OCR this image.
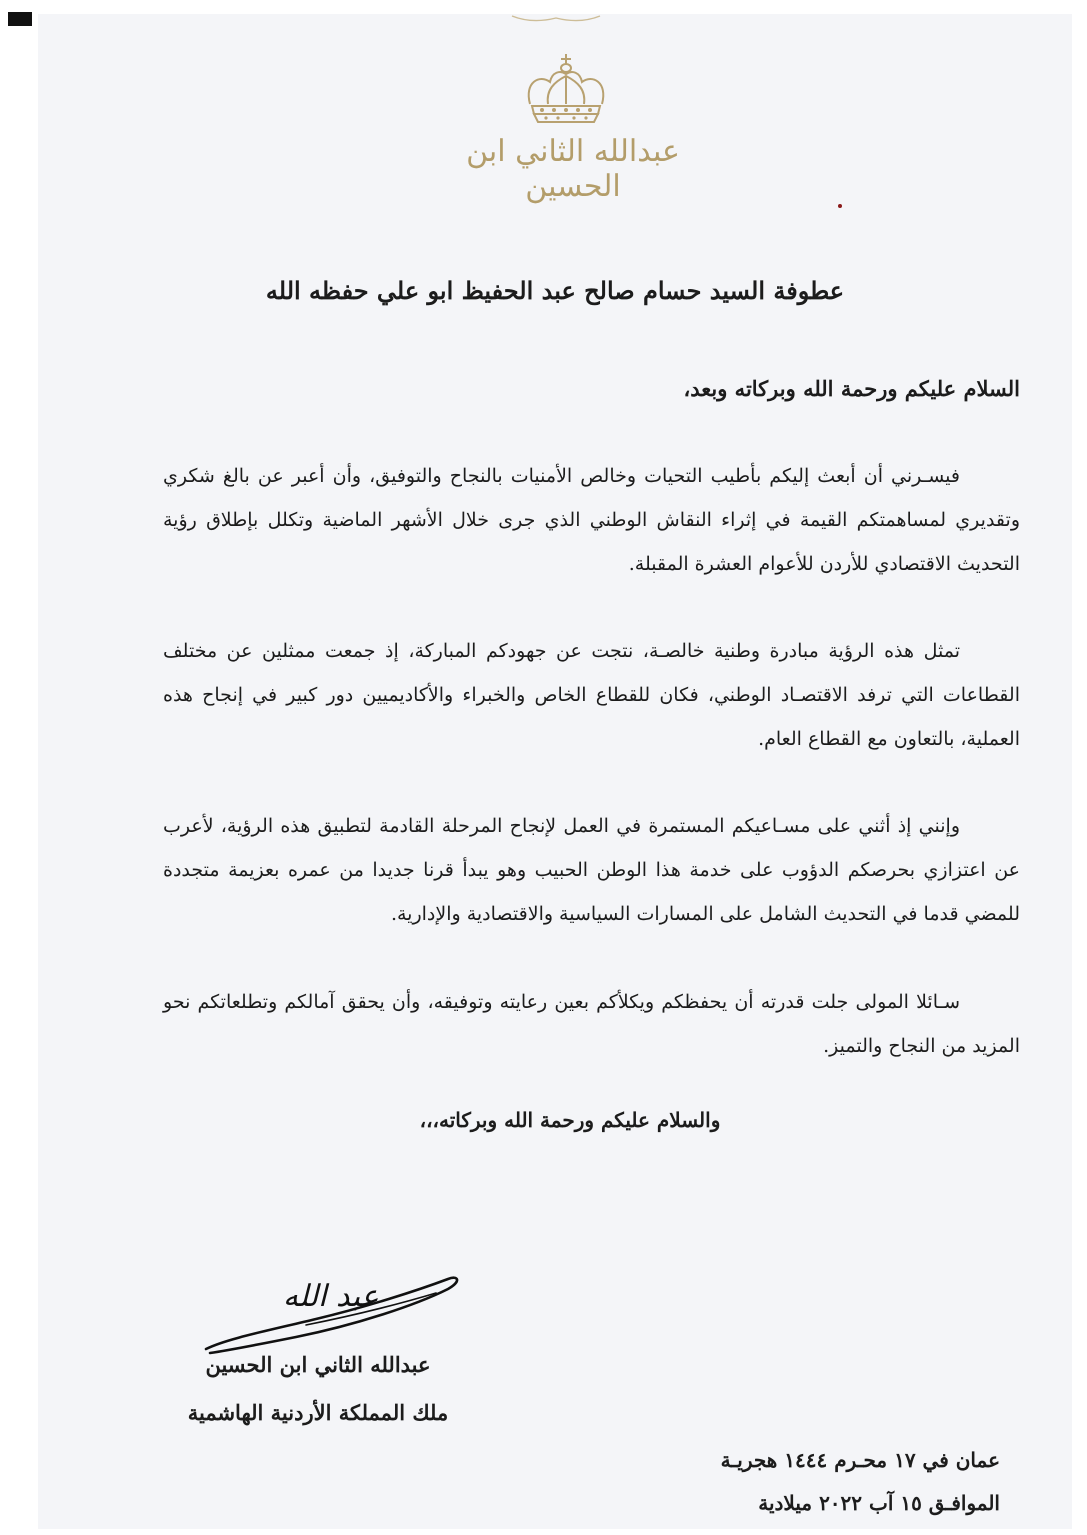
عبدالله الثاني ابن الحسين
عطوفة السيد حسام صالح عبد الحفيظ ابو علي حفظه الله
السلام عليكم ورحمة الله وبركاته وبعد،

فيسـرني أن أبعث إليكم بأطيب التحيات وخالص الأمنيات بالنجاح والتوفيق، وأن أعبر عن بالغ شكري وتقديري لمساهمتكم القيمة في إثراء النقاش الوطني الذي جرى خلال الأشهر الماضية وتكلل بإطلاق رؤية التحديث الاقتصادي للأردن للأعوام العشرة المقبلة.

تمثل هذه الرؤية مبادرة وطنية خالصـة، نتجت عن جهودكم المباركة، إذ جمعت ممثلين عن مختلف القطاعات التي ترفد الاقتصـاد الوطني، فكان للقطاع الخاص والخبراء والأكاديميين دور كبير في إنجاح هذه العملية، بالتعاون مع القطاع العام.

وإنني إذ أثني على مسـاعيكم المستمرة في العمل لإنجاح المرحلة القادمة لتطبيق هذه الرؤية، لأعرب عن اعتزازي بحرصكم الدؤوب على خدمة هذا الوطن الحبيب وهو يبدأ قرنا جديدا من عمره بعزيمة متجددة للمضي قدما في التحديث الشامل على المسارات السياسية والاقتصادية والإدارية.

سـائلا المولى جلت قدرته أن يحفظكم ويكلأكم بعين رعايته وتوفيقه، وأن يحقق آمالكم وتطلعاتكم نحو المزيد من النجاح والتميز.

والسلام عليكم ورحمة الله وبركاته،،،
عبد الله
عبدالله الثاني ابن الحسين
ملك المملكة الأردنية الهاشمية
عمان في ١٧ محـرم ١٤٤٤ هجريـة
الموافـق ١٥ آب ٢٠٢٢ ميلادية
